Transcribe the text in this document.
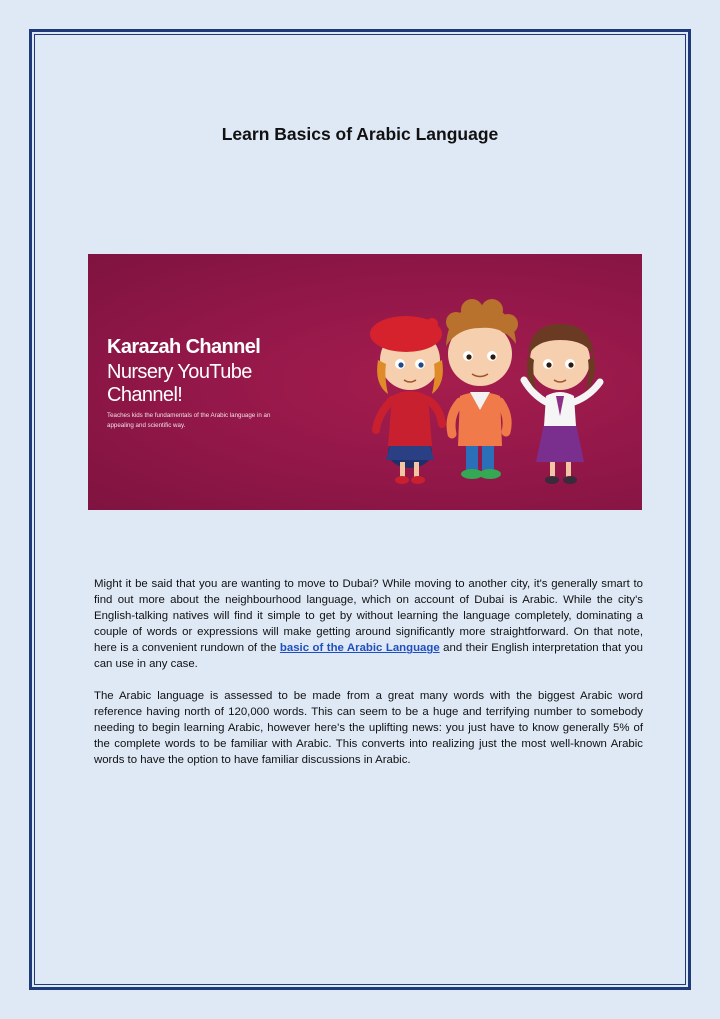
Learn Basics of Arabic Language
Karazah Channel
Nursery YouTube Channel!
Teaches kids the fundamentals of the Arabic language in an appealing and scientific way.

Might it be said that you are wanting to move to Dubai? While moving to another city, it's generally smart to find out more about the neighbourhood language, which on account of Dubai is Arabic. While the city's English-talking natives will find it simple to get by without learning the language completely, dominating a couple of words or expressions will make getting around significantly more straightforward. On that note, here is a convenient rundown of the basic of the Arabic Language and their English interpretation that you can use in any case.

The Arabic language is assessed to be made from a great many words with the biggest Arabic word reference having north of 120,000 words. This can seem to be a huge and terrifying number to somebody needing to begin learning Arabic, however here's the uplifting news: you just have to know generally 5% of the complete words to be familiar with Arabic. This converts into realizing just the most well-known Arabic words to have the option to have familiar discussions in Arabic.
